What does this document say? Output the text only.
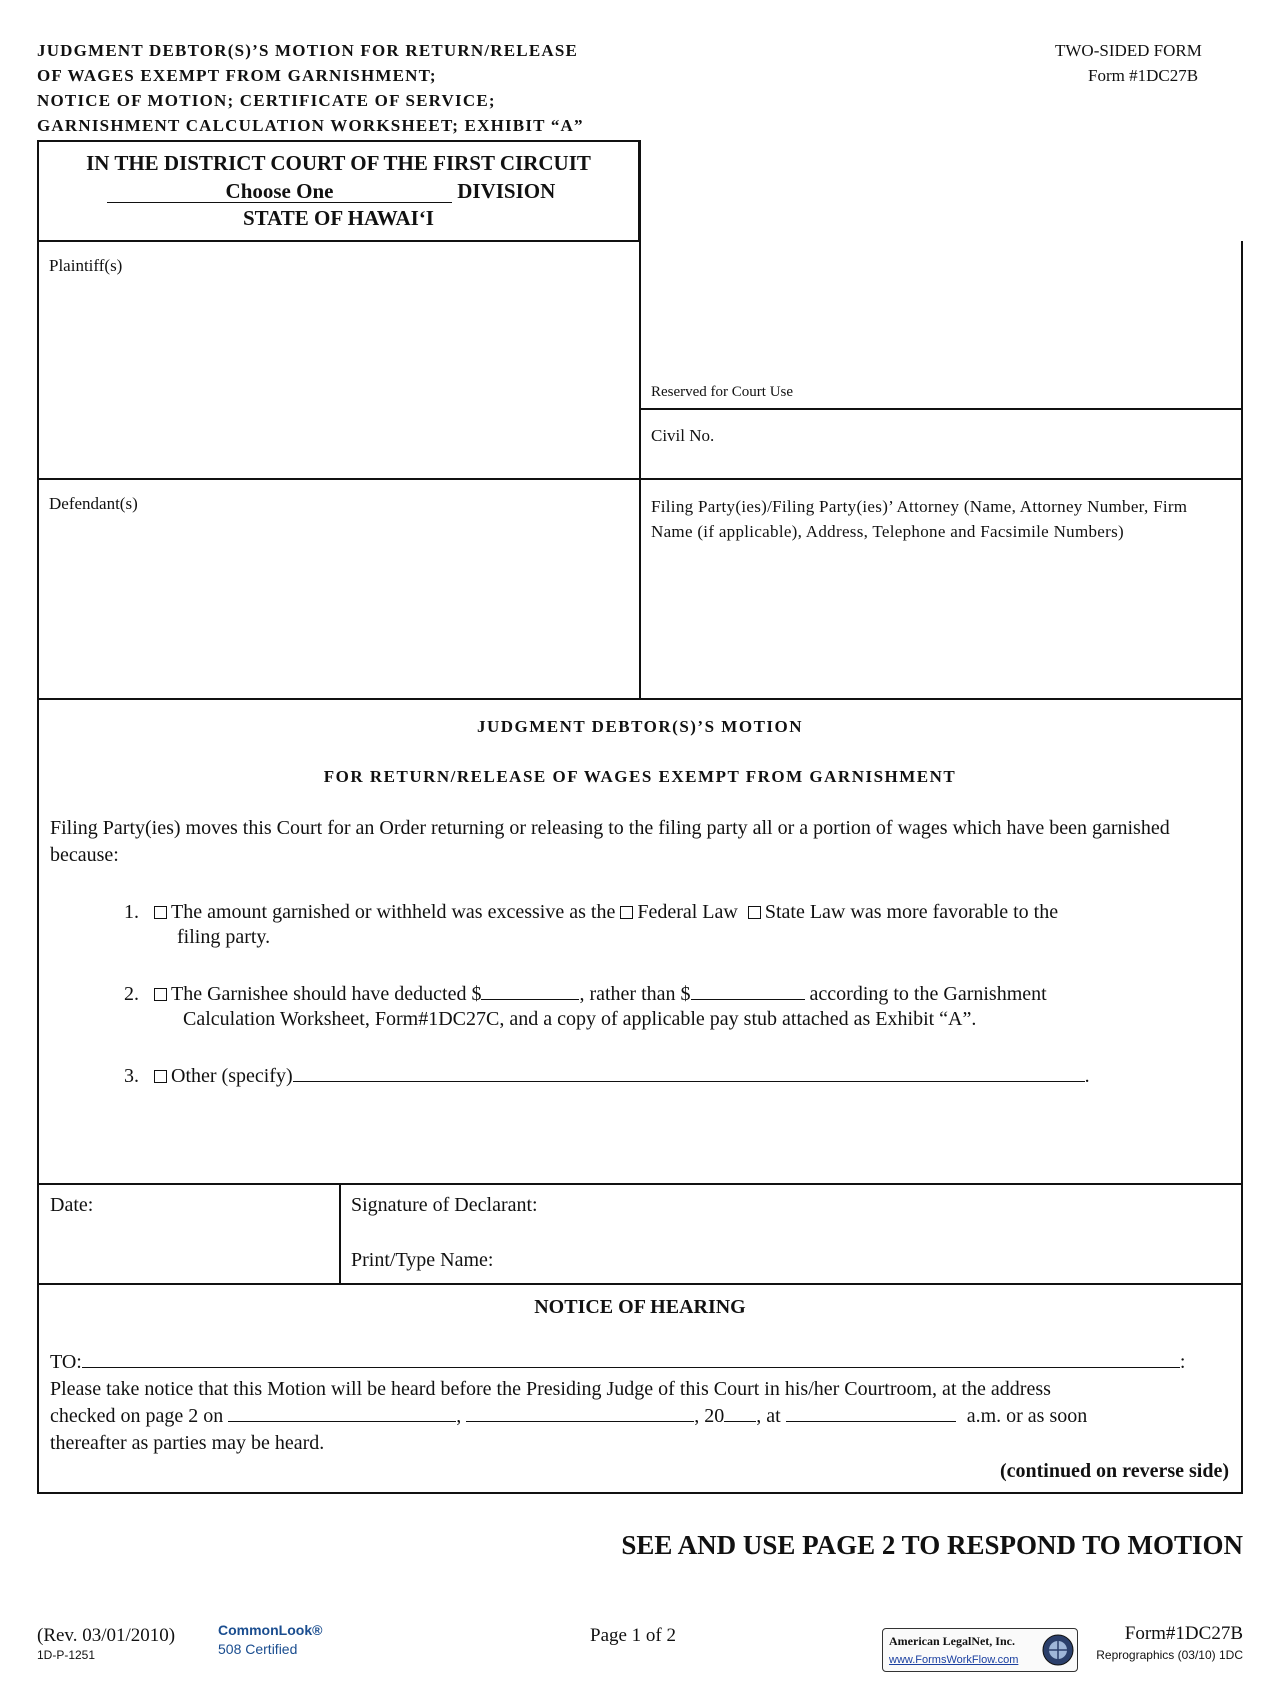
JUDGMENT DEBTOR(S)’S MOTION FOR RETURN/RELEASE
OF WAGES EXEMPT FROM GARNISHMENT;
NOTICE OF MOTION; CERTIFICATE OF SERVICE;
GARNISHMENT CALCULATION WORKSHEET; EXHIBIT “A”
TWO-SIDED FORM
Form #1DC27B
IN THE DISTRICT COURT OF THE FIRST CIRCUIT
Choose One	DIVISION
STATE OF HAWAIʻI
Plaintiff(s)
Defendant(s)
Reserved for Court Use
Civil No.
Filing Party(ies)/Filing Party(ies)’ Attorney (Name, Attorney Number, Firm Name (if applicable), Address, Telephone and Facsimile Numbers)
JUDGMENT DEBTOR(S)’S MOTION
FOR RETURN/RELEASE OF WAGES EXEMPT FROM GARNISHMENT
Filing Party(ies) moves this Court for an Order returning or releasing to the filing party all or a portion of wages which have been garnished because:
1. The amount garnished or withheld was excessive as the Federal Law State Law was more favorable to the
filing party.
2. The Garnishee should have deducted $	, rather than $	according to the Garnishment
Calculation Worksheet, Form#1DC27C, and a copy of applicable pay stub attached as Exhibit “A”.
3. Other (specify)	.
Date:	Signature of Declarant:
Print/Type Name:
NOTICE OF HEARING
TO:	:
Please take notice that this Motion will be heard before the Presiding Judge of this Court in his/her Courtroom, at the address
checked on page 2 on	,	, 20 , at	a.m. or as soon
thereafter as parties may be heard.
(continued on reverse side)
SEE AND USE PAGE 2 TO RESPOND TO MOTION
(Rev. 03/01/2010)
1D-P-1251
CommonLook®
508 Certified
Page 1 of 2	American LegalNet, Inc.
www.FormsWorkFlow.com
Form#1DC27B
Reprographics (03/10) 1DC
